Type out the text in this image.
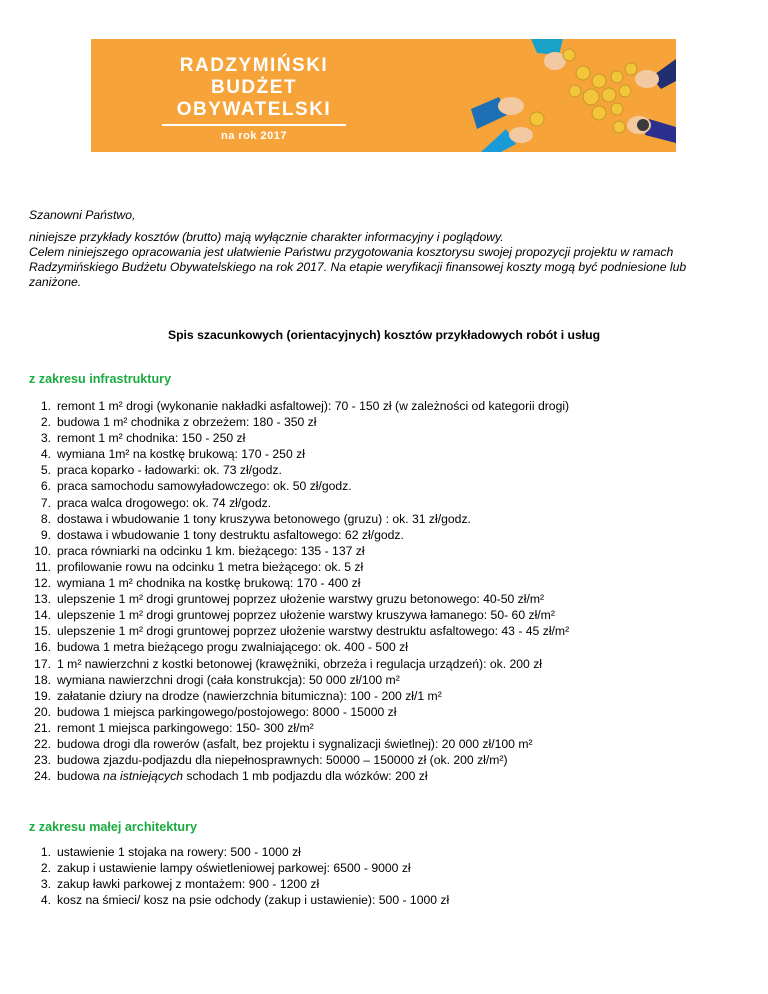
RADZYMIŃSKI
BUDŻET
OBYWATELSKI
na rok 2017
Szanowni Państwo,

niniejsze przykłady kosztów (brutto) mają wyłącznie charakter informacyjny i poglądowy.

Celem niniejszego opracowania jest ułatwienie Państwu przygotowania kosztorysu swojej propozycji projektu w ramach

Radzymińskiego Budżetu Obywatelskiego na rok 2017. Na etapie weryfikacji finansowej koszty mogą być podniesione lub

zaniżone.

Spis szacunkowych (orientacyjnych) kosztów przykładowych robót i usług
z zakresu infrastruktury
1. remont 1 m² drogi (wykonanie nakładki asfaltowej): 70 - 150 zł (w zależności od kategorii drogi)
2. budowa 1 m² chodnika z obrzeżem: 180 - 350 zł
3. remont 1 m² chodnika: 150 - 250 zł
4. wymiana 1m² na kostkę brukową: 170 - 250 zł
5. praca koparko - ładowarki: ok. 73 zł/godz.
6. praca samochodu samowyładowczego: ok. 50 zł/godz.
7. praca walca drogowego: ok. 74 zł/godz.
8. dostawa i wbudowanie 1 tony kruszywa betonowego (gruzu) : ok. 31 zł/godz.
9. dostawa i wbudowanie 1 tony destruktu asfaltowego: 62 zł/godz.
10. praca równiarki na odcinku 1 km. bieżącego: 135 - 137 zł
11. profilowanie rowu na odcinku 1 metra bieżącego: ok. 5 zł
12. wymiana 1 m² chodnika na kostkę brukową: 170 - 400 zł
13. ulepszenie 1 m² drogi gruntowej poprzez ułożenie warstwy gruzu betonowego: 40-50 zł/m²
14. ulepszenie 1 m² drogi gruntowej poprzez ułożenie warstwy kruszywa łamanego: 50- 60 zł/m²
15. ulepszenie 1 m² drogi gruntowej poprzez ułożenie warstwy destruktu asfaltowego: 43 - 45 zł/m²
16. budowa 1 metra bieżącego progu zwalniającego: ok. 400 - 500 zł
17. 1 m² nawierzchni z kostki betonowej (krawężniki, obrzeża i regulacja urządzeń): ok. 200 zł
18. wymiana nawierzchni drogi (cała konstrukcja): 50 000 zł/100 m²
19. załatanie dziury na drodze (nawierzchnia bitumiczna): 100 - 200 zł/1 m²
20. budowa 1 miejsca parkingowego/postojowego: 8000 - 15000 zł
21. remont 1 miejsca parkingowego: 150- 300 zł/m²
22. budowa drogi dla rowerów (asfalt, bez projektu i sygnalizacji świetlnej): 20 000 zł/100 m²
23. budowa zjazdu-podjazdu dla niepełnosprawnych: 50000 – 150000 zł (ok. 200 zł/m²)
24. budowa na istniejących schodach 1 mb podjazdu dla wózków: 200 zł
z zakresu małej architektury
1. ustawienie 1 stojaka na rowery: 500 - 1000 zł
2. zakup i ustawienie lampy oświetleniowej parkowej: 6500 - 9000 zł
3. zakup ławki parkowej z montażem: 900 - 1200 zł
4. kosz na śmieci/ kosz na psie odchody (zakup i ustawienie): 500 - 1000 zł
